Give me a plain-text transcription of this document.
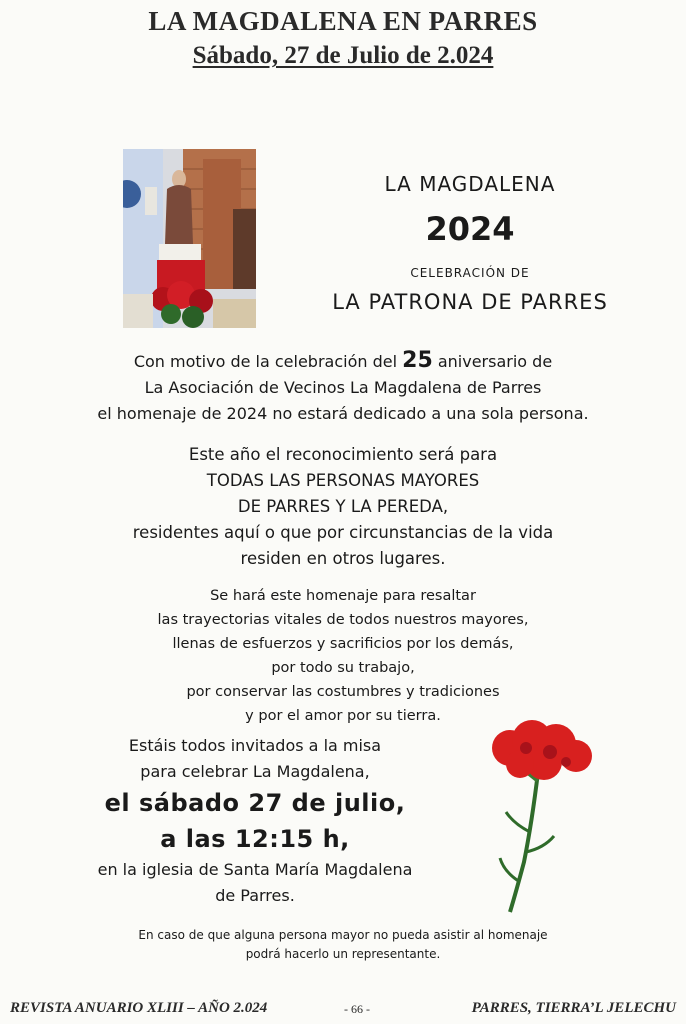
LA MAGDALENA EN PARRES
Sábado, 27 de Julio de 2.024
LA MAGDALENA
2024
CELEBRACIÓN DE
LA PATRONA DE PARRES
Con motivo de la celebración del 25 aniversario de
La Asociación de Vecinos La Magdalena de Parres
el homenaje de 2024 no estará dedicado a una sola persona.
Este año el reconocimiento será para
TODAS LAS PERSONAS MAYORES
DE PARRES Y LA PEREDA,
residentes aquí o que por circunstancias de la vida
residen en otros lugares.
Se hará este homenaje para resaltar
las trayectorias vitales de todos nuestros mayores,
llenas de esfuerzos y sacrificios por los demás,
por todo su trabajo,
por conservar las costumbres y tradiciones
y por el amor por su tierra.
Estáis todos invitados a la misa
para celebrar La Magdalena,
el sábado 27 de julio,
a las 12:15 h,
en la iglesia de Santa María Magdalena
de Parres.
En caso de que alguna persona mayor no pueda asistir al homenaje
podrá hacerlo un representante.
REVISTA ANUARIO XLIII – AÑO 2.024	- 66 -	PARRES, TIERRA’L JELECHU
